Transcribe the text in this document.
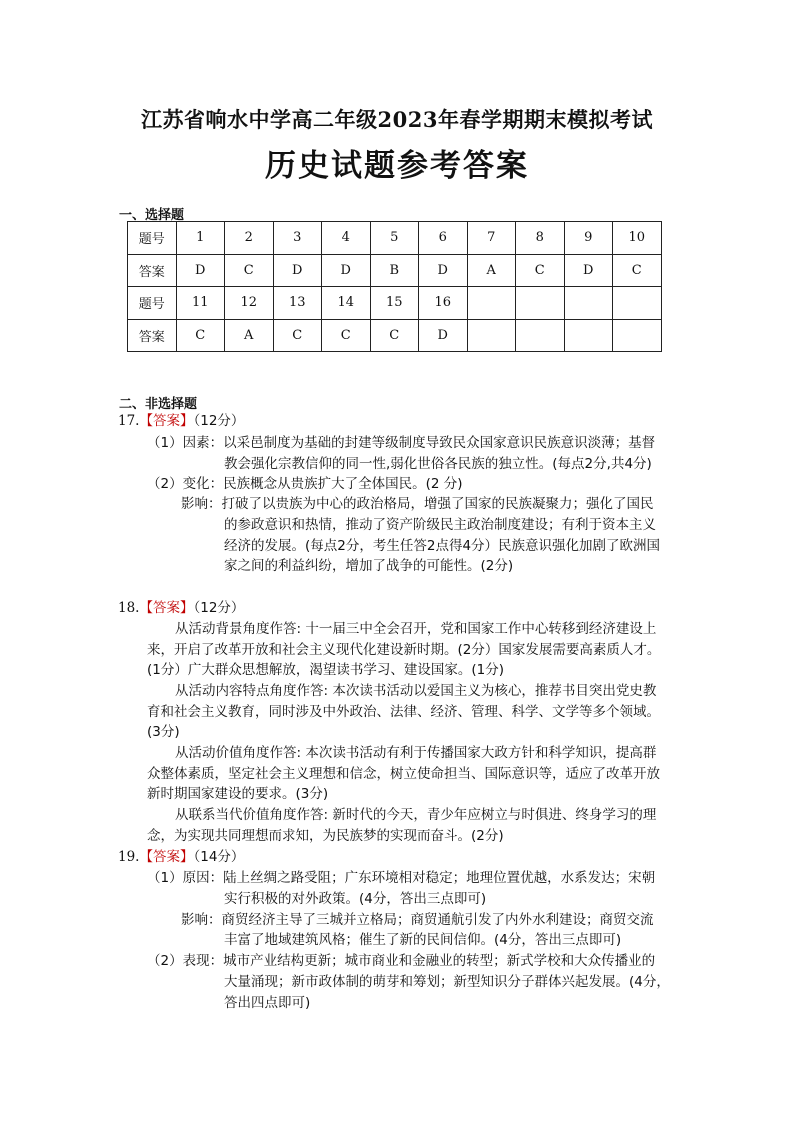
江苏省响水中学高二年级2023年春学期期末模拟考试
历史试题参考答案
一、选择题
题号	1	2	3	4	5	6	7	8	9	10
答案	D	C	D	D	B	D	A	C	D	C
题号	11	12	13	14	15	16				
答案	C	A	C	C	C	D				
二、非选择题
17.【答案】（12分）
（1）因素：以采邑制度为基础的封建等级制度导致民众国家意识民族意识淡薄；基督
教会强化宗教信仰的同一性,弱化世俗各民族的独立性。(每点2分,共4分)
（2）变化：民族概念从贵族扩大了全体国民。(2 分)
影响：打破了以贵族为中心的政治格局，增强了国家的民族凝聚力；强化了国民
的参政意识和热情，推动了资产阶级民主政治制度建设；有利于资本主义
经济的发展。(每点2分，考生任答2点得4分）民族意识强化加剧了欧洲国
家之间的利益纠纷，增加了战争的可能性。(2分)
18.【答案】（12分）
从活动背景角度作答: 十一届三中全会召开，党和国家工作中心转移到经济建设上
来，开启了改革开放和社会主义现代化建设新时期。(2分）国家发展需要高素质人才。
(1分）广大群众思想解放，渴望读书学习、建设国家。(1分)
从活动内容特点角度作答: 本次读书活动以爱国主义为核心，推荐书目突出党史教
育和社会主义教育，同时涉及中外政治、法律、经济、管理、科学、文学等多个领域。
(3分)
从活动价值角度作答: 本次读书活动有利于传播国家大政方针和科学知识，提高群
众整体素质，坚定社会主义理想和信念，树立使命担当、国际意识等，适应了改革开放
新时期国家建设的要求。(3分)
从联系当代价值角度作答: 新时代的今天，青少年应树立与时俱进、终身学习的理
念，为实现共同理想而求知，为民族梦的实现而奋斗。(2分)
19.【答案】（14分）
（1）原因：陆上丝绸之路受阻；广东环境相对稳定；地理位置优越，水系发达；宋朝
实行积极的对外政策。(4分，答出三点即可)
影响：商贸经济主导了三城并立格局；商贸通航引发了内外水利建设；商贸交流
丰富了地域建筑风格；催生了新的民间信仰。(4分，答出三点即可)
（2）表现：城市产业结构更新；城市商业和金融业的转型；新式学校和大众传播业的
大量涌现；新市政体制的萌芽和筹划；新型知识分子群体兴起发展。(4分，
答出四点即可)
